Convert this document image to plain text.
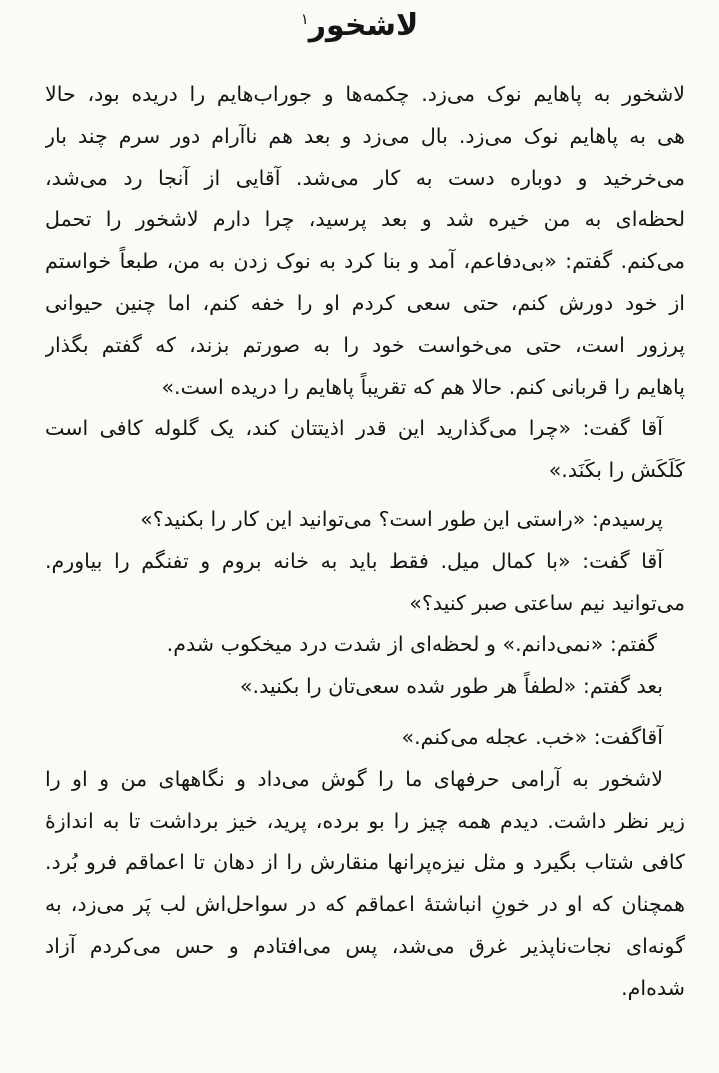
لاشخور$^۱$
لاشخور به پاهایم نوک می‌زد. چکمه‌ها و جوراب‌هایم را دریده بود، حالا
هی به پاهایم نوک می‌زد. بال می‌زد و بعد هم ناآرام دور سرم چند بار
می‌خرخید و دوباره دست به کار می‌شد. آقایی از آنجا رد می‌شد،
لحظه‌ای به من خیره شد و بعد پرسید، چرا دارم لاشخور را تحمل
می‌کنم. گفتم: «بی‌دفاعم، آمد و بنا کرد به نوک زدن به من، طبعاً خواستم
از خود دورش کنم، حتی سعی کردم او را خفه کنم، اما چنین حیوانی
پرزور است، حتی می‌خواست خود را به صورتم بزند، که گفتم بگذار
پاهایم را قربانی کنم. حالا هم که تقریباً پاهایم را دریده است.»
آقا گفت: «چرا می‌گذارید این قدر اذیتتان کند، یک گلوله کافی است
کَلَکَش را بکَنَد.»
پرسیدم: «راستی این طور است؟ می‌توانید این کار را بکنید؟»
آقا گفت: «با کمال میل. فقط باید به خانه بروم و تفنگم را بیاورم.
می‌توانید نیم ساعتی صبر کنید؟»
گفتم: «نمی‌دانم.» و لحظه‌ای از شدت درد میخکوب شدم.
بعد گفتم: «لطفاً هر طور شده سعی‌تان را بکنید.»
آقاگفت: «خب. عجله می‌کنم.»
لاشخور به آرامی حرفهای ما را گوش می‌داد و نگاههای من و او را
زیر نظر داشت. دیدم همه چیز را بو برده، پرید، خیز برداشت تا به اندازهٔ
کافی شتاب بگیرد و مثل نیزه‌پرانها منقارش را از دهان تا اعماقم فرو بُرد.
همچنان که او در خونِ انباشتهٔ اعماقم که در سواحل‌اش لب پَر می‌زد، به
گونه‌ای نجات‌ناپذیر غرق می‌شد، پس می‌افتادم و حس می‌کردم آزاد
شده‌ام.
